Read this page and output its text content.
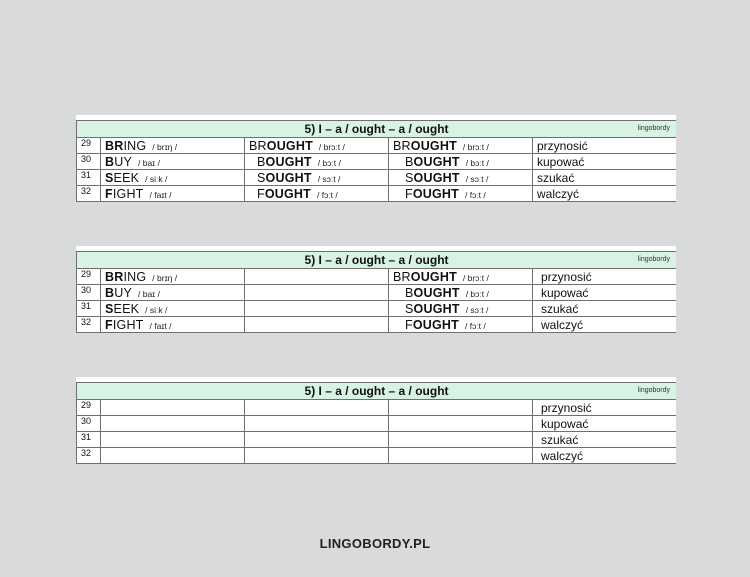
5) I – a / ought – a / ought lingobordy				

29	BRING / brɪŋ /	BROUGHT / brɔːt /	BROUGHT / brɔːt /	przynosić
30	BUY / baɪ /	BOUGHT / bɔːt /	BOUGHT / bɔːt /	kupować
31	SEEK / siːk /	SOUGHT / sɔːt /	SOUGHT / sɔːt /	szukać
32	FIGHT / faɪt /	FOUGHT / fɔːt /	FOUGHT / fɔːt /	walczyć
5) I – a / ought – a / ought lingobordy				

29	BRING / brɪŋ /		BROUGHT / brɔːt /	przynosić
30	BUY / baɪ /		BOUGHT / bɔːt /	kupować
31	SEEK / siːk /		SOUGHT / sɔːt /	szukać
32	FIGHT / faɪt /		FOUGHT / fɔːt /	walczyć
5) I – a / ought – a / ought lingobordy				

29				przynosić
30				kupować
31				szukać
32				walczyć
LINGOBORDY.PL
